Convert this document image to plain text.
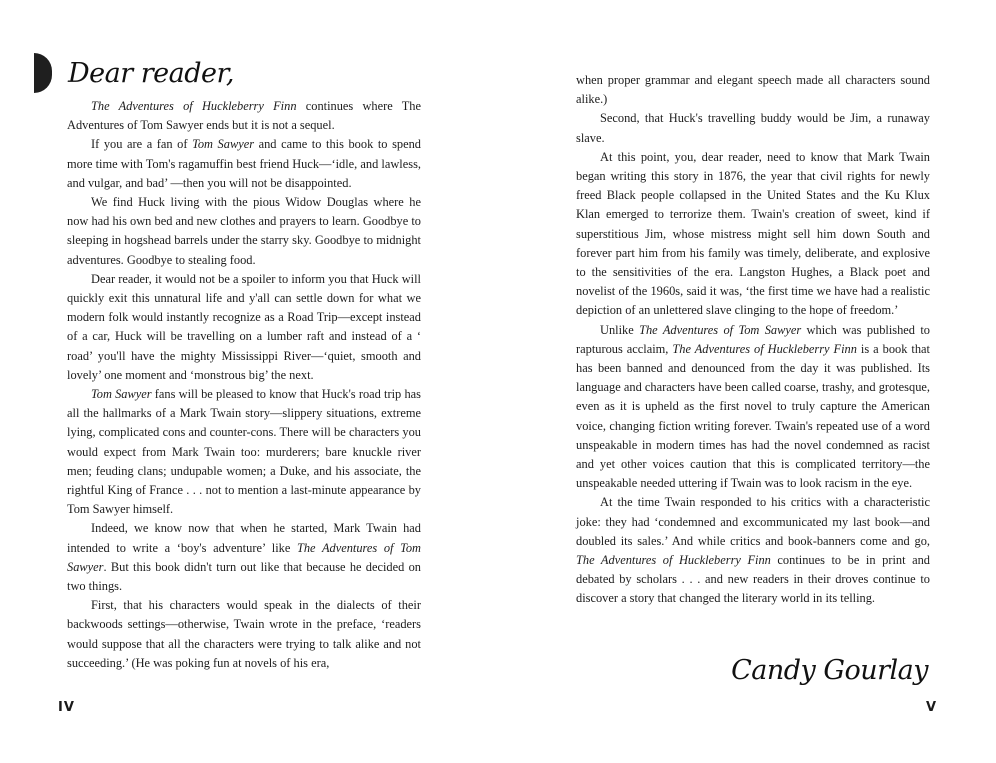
Dear reader,

The Adventures of Huckleberry Finn continues where The Adventures of Tom Sawyer ends but it is not a sequel.

If you are a fan of Tom Sawyer and came to this book to spend more time with Tom's ragamuffin best friend Huck—‘idle, and lawless, and vulgar, and bad’ —then you will not be disappointed.

We find Huck living with the pious Widow Douglas where he now had his own bed and new clothes and prayers to learn. Goodbye to sleeping in hogshead barrels under the starry sky. Goodbye to midnight adventures. Goodbye to stealing food.

Dear reader, it would not be a spoiler to inform you that Huck will quickly exit this unnatural life and y'all can settle down for what we modern folk would instantly recognize as a Road Trip—except instead of a car, Huck will be travelling on a lumber raft and instead of a ‘ road’ you'll have the mighty Mississippi River—‘quiet, smooth and lovely’ one moment and ‘monstrous big’ the next.

Tom Sawyer fans will be pleased to know that Huck's road trip has all the hallmarks of a Mark Twain story—slippery situations, extreme lying, complicated cons and counter-cons. There will be characters you would expect from Mark Twain too: murderers; bare knuckle river men; feuding clans; undupable women; a Duke, and his associate, the rightful King of France . . . not to mention a last-minute appearance by Tom Sawyer himself.

Indeed, we know now that when he started, Mark Twain had intended to write a ‘boy's adventure’ like The Adventures of Tom Sawyer. But this book didn't turn out like that because he decided on two things.

First, that his characters would speak in the dialects of their backwoods settings—otherwise, Twain wrote in the preface, ‘readers would suppose that all the characters were trying to talk alike and not succeeding.’ (He was poking fun at novels of his era,

IV

when proper grammar and elegant speech made all characters sound alike.)

Second, that Huck's travelling buddy would be Jim, a runaway slave.

At this point, you, dear reader, need to know that Mark Twain began writing this story in 1876, the year that civil rights for newly freed Black people collapsed in the United States and the Ku Klux Klan emerged to terrorize them. Twain's creation of sweet, kind if superstitious Jim, whose mistress might sell him down South and forever part him from his family was timely, deliberate, and explosive to the sensitivities of the era. Langston Hughes, a Black poet and novelist of the 1960s, said it was, ‘the first time we have had a realistic depiction of an unlettered slave clinging to the hope of freedom.’

Unlike The Adventures of Tom Sawyer which was published to rapturous acclaim, The Adventures of Huckleberry Finn is a book that has been banned and denounced from the day it was published. Its language and characters have been called coarse, trashy, and grotesque, even as it is upheld as the first novel to truly capture the American voice, changing fiction writing forever. Twain's repeated use of a word unspeakable in modern times has had the novel condemned as racist and yet other voices caution that this is complicated territory—the unspeakable needed uttering if Twain was to look racism in the eye.

At the time Twain responded to his critics with a characteristic joke: they had ‘condemned and excommunicated my last book—and doubled its sales.’ And while critics and book-banners come and go, The Adventures of Huckleberry Finn continues to be in print and debated by scholars . . . and new readers in their droves continue to discover a story that changed the literary world in its telling.

Candy Gourlay

V
